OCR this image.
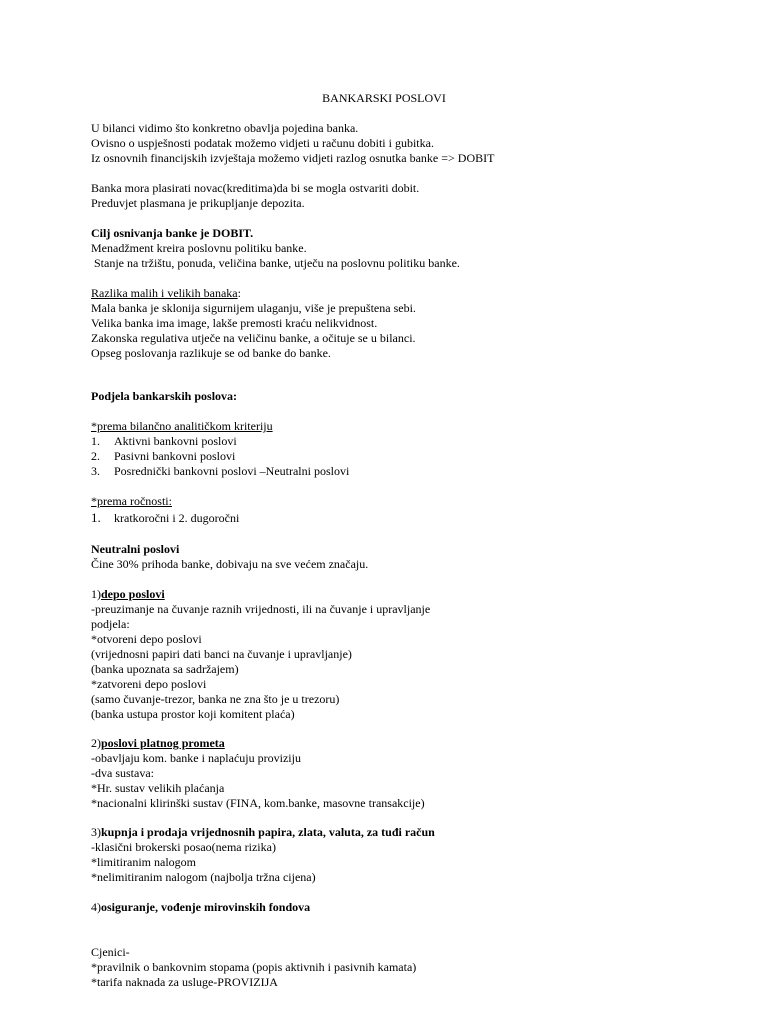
BANKARSKI POSLOVI
U bilanci vidimo što konkretno obavlja pojedina banka.
Ovisno o uspješnosti podatak možemo vidjeti u računu dobiti i gubitka.
Iz osnovnih financijskih izvještaja možemo vidjeti razlog osnutka banke => DOBIT
Banka mora plasirati novac(kreditima)da bi se mogla ostvariti dobit.
Preduvjet plasmana je prikupljanje depozita.
Cilj osnivanja banke je DOBIT.
Menadžment kreira poslovnu politiku banke.
Stanje na tržištu, ponuda, veličina banke, utječu na poslovnu politiku banke.
Razlika malih i velikih banaka:
Mala banka je sklonija sigurnijem ulaganju, više je prepuštena sebi.
Velika banka ima image, lakše premosti kraću nelikvidnost.
Zakonska regulativa utječe na veličinu banke, a očituje se u bilanci.
Opseg poslovanja razlikuje se od banke do banke.
Podjela bankarskih poslova:
*prema bilančno analitičkom kriteriju
1. Aktivni bankovni poslovi
2. Pasivni bankovni poslovi
3. Posrednički bankovni poslovi –Neutralni poslovi
*prema ročnosti:
1. kratkoročni i 2. dugoročni
Neutralni poslovi
Čine 30% prihoda banke, dobivaju na sve većem značaju.
1)depo poslovi
-preuzimanje na čuvanje raznih vrijednosti, ili na čuvanje i upravljanje
podjela:
*otvoreni depo poslovi
(vrijednosni papiri dati banci na čuvanje i upravljanje)
(banka upoznata sa sadržajem)
*zatvoreni depo poslovi
(samo čuvanje-trezor, banka ne zna što je u trezoru)
(banka ustupa prostor koji komitent plaća)
2)poslovi platnog prometa
-obavljaju kom. banke i naplaćuju proviziju
-dva sustava:
*Hr. sustav velikih plaćanja
*nacionalni klirinški sustav (FINA, kom.banke, masovne transakcije)
3)kupnja i prodaja vrijednosnih papira, zlata, valuta, za tuđi račun
-klasični brokerski posao(nema rizika)
*limitiranim nalogom
*nelimitiranim nalogom (najbolja tržna cijena)
4)osiguranje, vođenje mirovinskih fondova
Cjenici-
*pravilnik o bankovnim stopama (popis aktivnih i pasivnih kamata)
*tarifa naknada za usluge-PROVIZIJA
